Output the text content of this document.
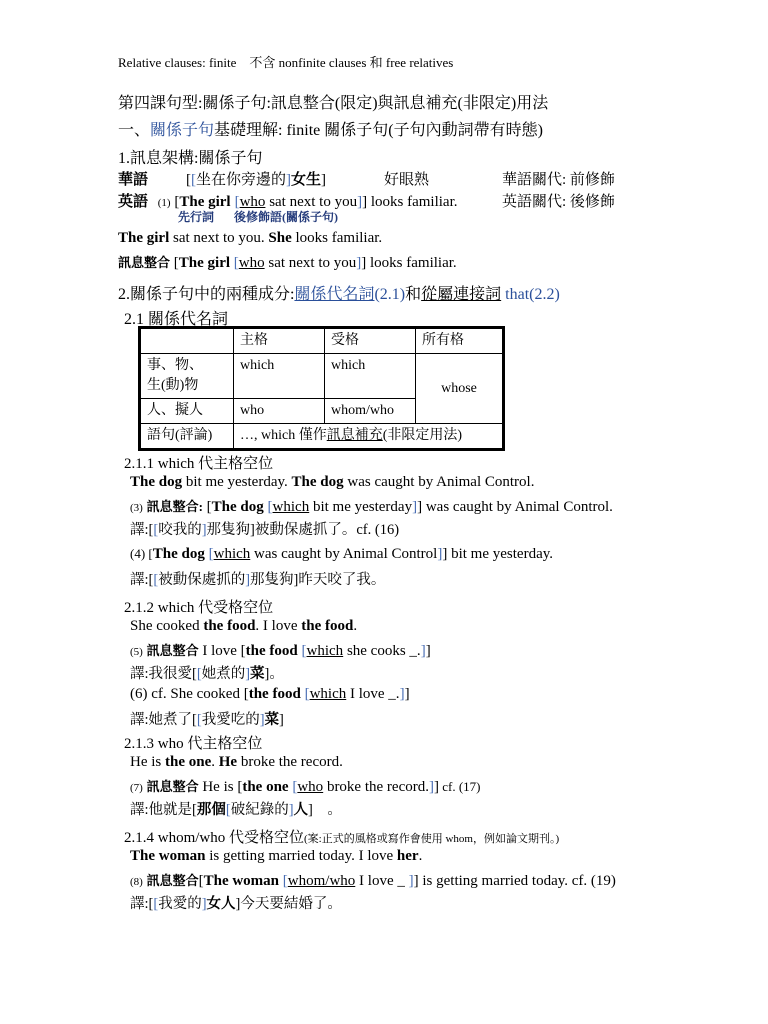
Relative clauses: finite　不含 nonfinite clauses 和 free relatives
第四課句型:關係子句:訊息整合(限定)與訊息補充(非限定)用法
一、關係子句基礎理解: finite 關係子句(子句內動詞帶有時態)
1.訊息架構:關係子句
華語	[[坐在你旁邊的]女生]	好眼熟	華語關代: 前修飾
英語 (1) [The girl [who sat next to you]] looks familiar.	英語關代: 後修飾
先行詞 後修飾語(關係子句)
The girl sat next to you. She looks familiar.
訊息整合 [The girl [who sat next to you]] looks familiar.
2.關係子句中的兩種成分:關係代名詞(2.1)和從屬連接詞 that(2.2)
2.1 關係代名詞
	主格	受格	所有格
事、物、
生(動)物	which	which	whose
人、擬人	who	whom/who	
語句(評論)	…, which 僅作訊息補充(非限定用法)		
2.1.1 which 代主格空位
The dog bit me yesterday. The dog was caught by Animal Control.
(3) 訊息整合: [The dog [which bit me yesterday]] was caught by Animal Control.
譯:[[咬我的]那隻狗]被動保處抓了。cf. (16)
(4) [The dog [which was caught by Animal Control]] bit me yesterday.
譯:[[被動保處抓的]那隻狗]昨天咬了我。
2.1.2 which 代受格空位
She cooked the food. I love the food.
(5) 訊息整合 I love [the food [which she cooks _.]]
譯:我很愛[[她煮的]菜]。
(6) cf. She cooked [the food [which I love _.]]
譯:她煮了[[我愛吃的]菜]
2.1.3 who 代主格空位
He is the one. He broke the record.
(7) 訊息整合 He is [the one [who broke the record.]] cf. (17)
譯:他就是[那個[破紀錄的]人]　。
2.1.4 whom/who 代受格空位(案:正式的風格或寫作會使用 whom，例如論文期刊。)
The woman is getting married today. I love her.
(8) 訊息整合[The woman [whom/who I love _ ]] is getting married today. cf. (19)
譯:[[我愛的]女人]今天要結婚了。
